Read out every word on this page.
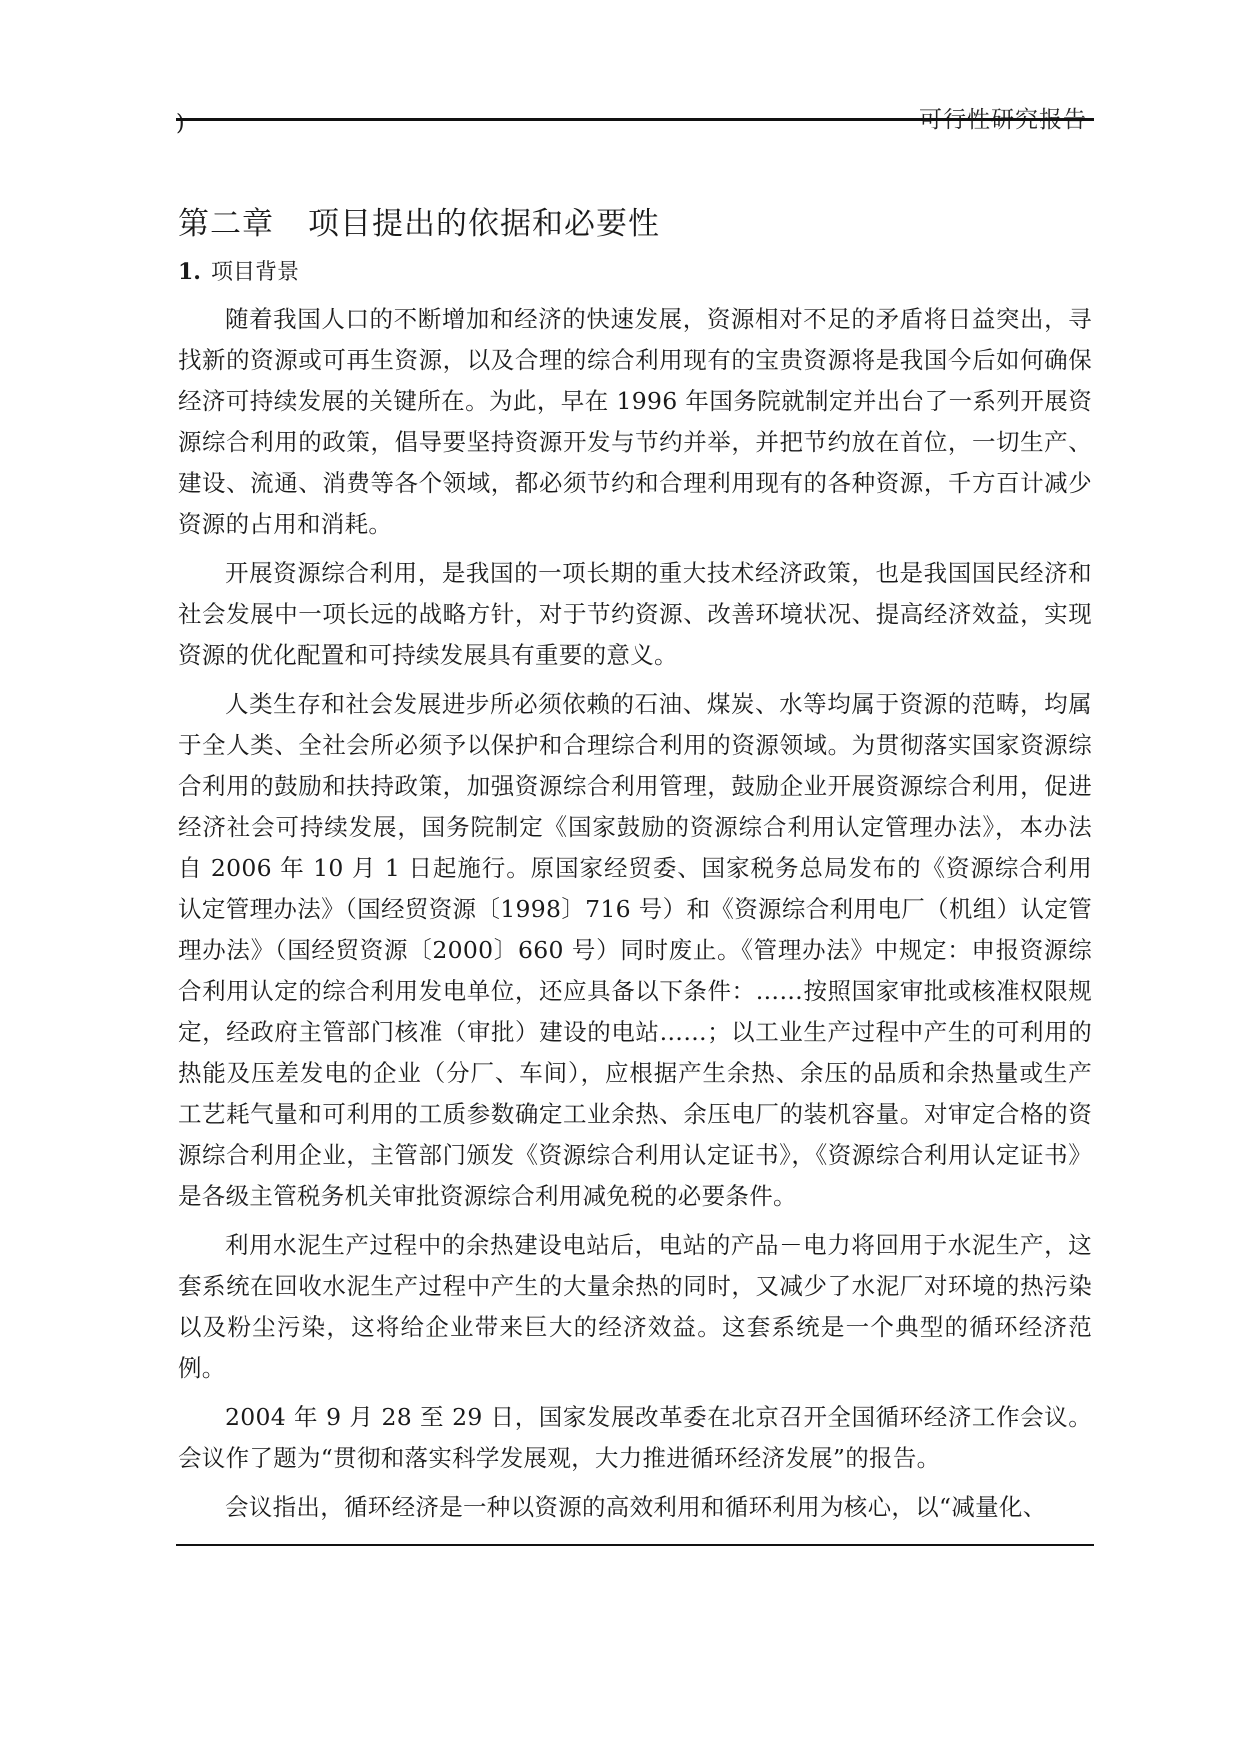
)	可行性研究报告
第二章 项目提出的依据和必要性
1. 项目背景

随着我国人口的不断增加和经济的快速发展，资源相对不足的矛盾将日益突出，寻找新的资源或可再生资源，以及合理的综合利用现有的宝贵资源将是我国今后如何确保经济可持续发展的关键所在。为此，早在 1996 年国务院就制定并出台了一系列开展资源综合利用的政策，倡导要坚持资源开发与节约并举，并把节约放在首位，一切生产、建设、流通、消费等各个领域，都必须节约和合理利用现有的各种资源，千方百计减少资源的占用和消耗。

开展资源综合利用，是我国的一项长期的重大技术经济政策，也是我国国民经济和社会发展中一项长远的战略方针，对于节约资源、改善环境状况、提高经济效益，实现资源的优化配置和可持续发展具有重要的意义。

人类生存和社会发展进步所必须依赖的石油、煤炭、水等均属于资源的范畴，均属于全人类、全社会所必须予以保护和合理综合利用的资源领域。为贯彻落实国家资源综合利用的鼓励和扶持政策，加强资源综合利用管理，鼓励企业开展资源综合利用，促进经济社会可持续发展，国务院制定《国家鼓励的资源综合利用认定管理办法》，本办法自 2006 年 10 月 1 日起施行。原国家经贸委、国家税务总局发布的《资源综合利用认定管理办法》（国经贸资源〔1998〕716 号）和《资源综合利用电厂（机组）认定管理办法》（国经贸资源〔2000〕660 号）同时废止。《管理办法》中规定：申报资源综合利用认定的综合利用发电单位，还应具备以下条件：……按照国家审批或核准权限规定，经政府主管部门核准（审批）建设的电站……；以工业生产过程中产生的可利用的热能及压差发电的企业（分厂、车间），应根据产生余热、余压的品质和余热量或生产工艺耗气量和可利用的工质参数确定工业余热、余压电厂的装机容量。对审定合格的资源综合利用企业，主管部门颁发《资源综合利用认定证书》，《资源综合利用认定证书》是各级主管税务机关审批资源综合利用减免税的必要条件。

利用水泥生产过程中的余热建设电站后，电站的产品－电力将回用于水泥生产，这套系统在回收水泥生产过程中产生的大量余热的同时，又减少了水泥厂对环境的热污染以及粉尘污染，这将给企业带来巨大的经济效益。这套系统是一个典型的循环经济范例。

2004 年 9 月 28 至 29 日，国家发展改革委在北京召开全国循环经济工作会议。会议作了题为“贯彻和落实科学发展观，大力推进循环经济发展”的报告。

会议指出，循环经济是一种以资源的高效利用和循环利用为核心，以“减量化、
